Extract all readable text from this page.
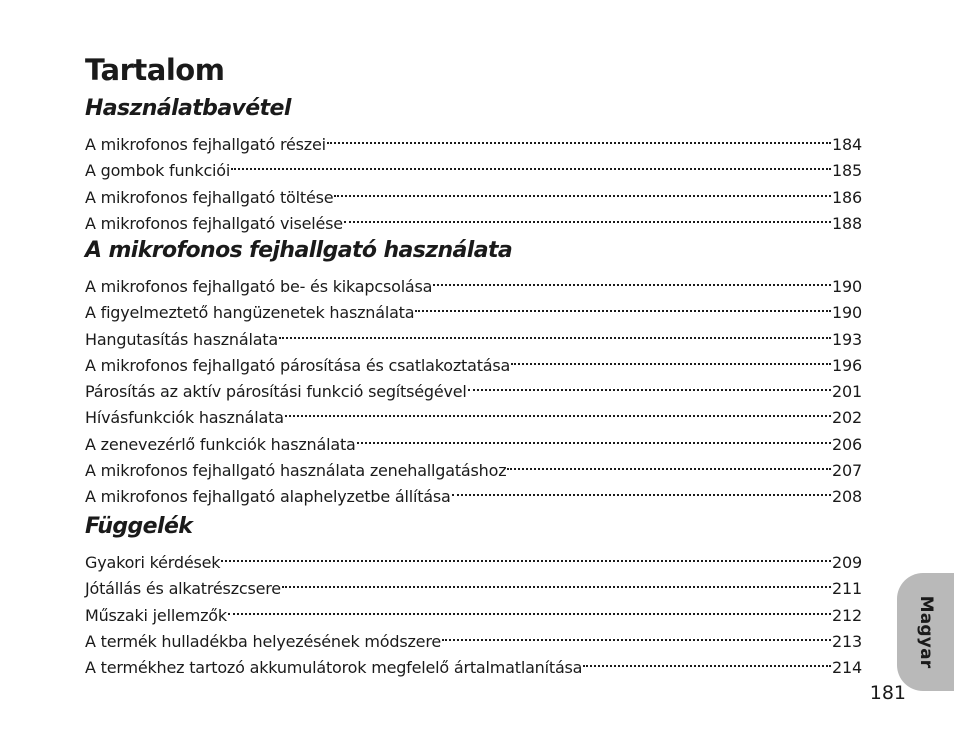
Tartalom
Használatbavétel
A mikrofonos fejhallgató részei	184
A gombok funkciói	185
A mikrofonos fejhallgató töltése	186
A mikrofonos fejhallgató viselése	188
A mikrofonos fejhallgató használata
A mikrofonos fejhallgató be- és kikapcsolása	190
A figyelmeztető hangüzenetek használata	190
Hangutasítás használata	193
A mikrofonos fejhallgató párosítása és csatlakoztatása	196
Párosítás az aktív párosítási funkció segítségével	201
Hívásfunkciók használata	202
A zenevezérlő funkciók használata	206
A mikrofonos fejhallgató használata zenehallgatáshoz	207
A mikrofonos fejhallgató alaphelyzetbe állítása	208
Függelék
Gyakori kérdések	209
Jótállás és alkatrészcsere	211
Műszaki jellemzők	212
A termék hulladékba helyezésének módszere	213
A termékhez tartozó akkumulátorok megfelelő ártalmatlanítása	214	Magyar
181
